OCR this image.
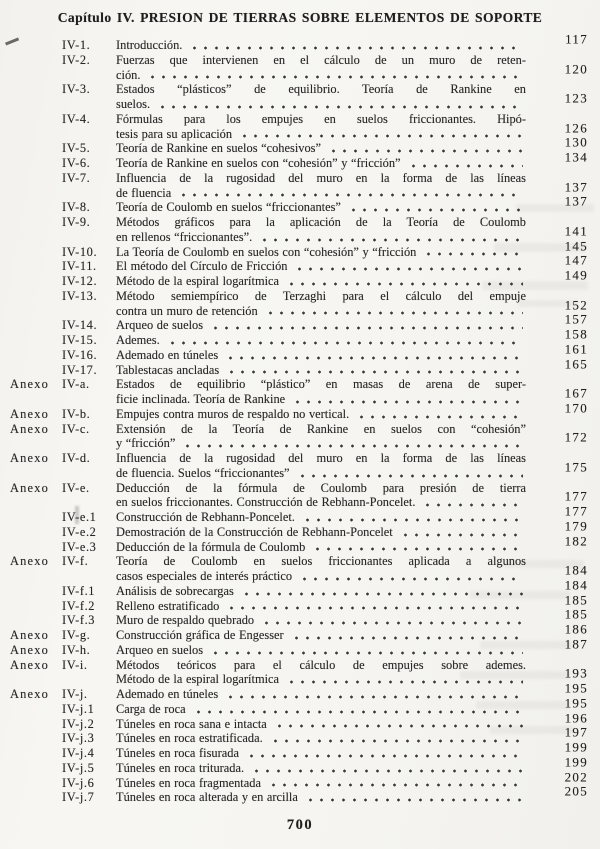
Capítulo IV. PRESION DE TIERRAS SOBRE ELEMENTOS DE SOPORTE
IV-1.	Introducción.	117
IV-2.	Fuerzas que intervienen en el cálculo de un muro de reten-
ción.	120
IV-3.	Estados “plásticos” de equilibrio. Teoría de Rankine en
suelos.	123
IV-4.	Fórmulas para los empujes en suelos friccionantes. Hipó-
tesis para su aplicación	126
IV-5.	Teoría de Rankine en suelos “cohesivos”	130
IV-6.	Teoría de Rankine en suelos con “cohesión” y “fricción”	134
IV-7.	Influencia de la rugosidad del muro en la forma de las líneas
de fluencia	137
IV-8.	Teoría de Coulomb en suelos “friccionantes”	137
IV-9.	Métodos gráficos para la aplicación de la Teoría de Coulomb
en rellenos “friccionantes”.	141
IV-10.	La Teoría de Coulomb en suelos con “cohesión” y “fricción	145
IV-11.	El método del Círculo de Fricción	147
IV-12.	Método de la espiral logarítmica	149
IV-13.	Método semiempírico de Terzaghi para el cálculo del empuje
contra un muro de retención	152
IV-14.	Arqueo de suelos	157
IV-15.	Ademes.	158
IV-16.	Ademado en túneles	161
IV-17.	Tablestacas ancladas	165
Anexo	IV-a.	Estados de equilibrio “plástico” en masas de arena de super-
ficie inclinada. Teoría de Rankine	167
Anexo	IV-b.	Empujes contra muros de respaldo no vertical.	170
Anexo	IV-c.	Extensión de la Teoría de Rankine en suelos con “cohesión”
y “fricción”	172
Anexo	IV-d.	Influencia de la rugosidad del muro en la forma de las líneas
de fluencia. Suelos “friccionantes”	175
Anexo	IV-e.	Deducción de la fórmula de Coulomb para presión de tierra
en suelos friccionantes. Construcción de Rebhann-Poncelet.	177
IV-e.1	Construcción de Rebhann-Poncelet.	177
IV-e.2	Demostración de la Construcción de Rebhann-Poncelet	179
IV-e.3	Deducción de la fórmula de Coulomb	182
Anexo	IV-f.	Teoría de Coulomb en suelos friccionantes aplicada a algunos
casos especiales de interés práctico	184
IV-f.1	Análisis de sobrecargas	184
IV-f.2	Relleno estratificado	185
IV-f.3	Muro de respaldo quebrado	185
Anexo	IV-g.	Construcción gráfica de Engesser	186
Anexo	IV-h.	Arqueo en suelos	187
Anexo	IV-i.	Métodos teóricos para el cálculo de empujes sobre ademes.
Método de la espiral logarítmica	193
Anexo	IV-j.	Ademado en túneles	195
IV-j.1	Carga de roca	195
IV-j.2	Túneles en roca sana e intacta	196
IV-j.3	Túneles en roca estratificada.	197
IV-j.4	Túneles en roca fisurada	199
IV-j.5	Túneles en roca triturada.	199
IV-j.6	Túneles en roca fragmentada	202
IV-j.7	Túneles en roca alterada y en arcilla	205
700
